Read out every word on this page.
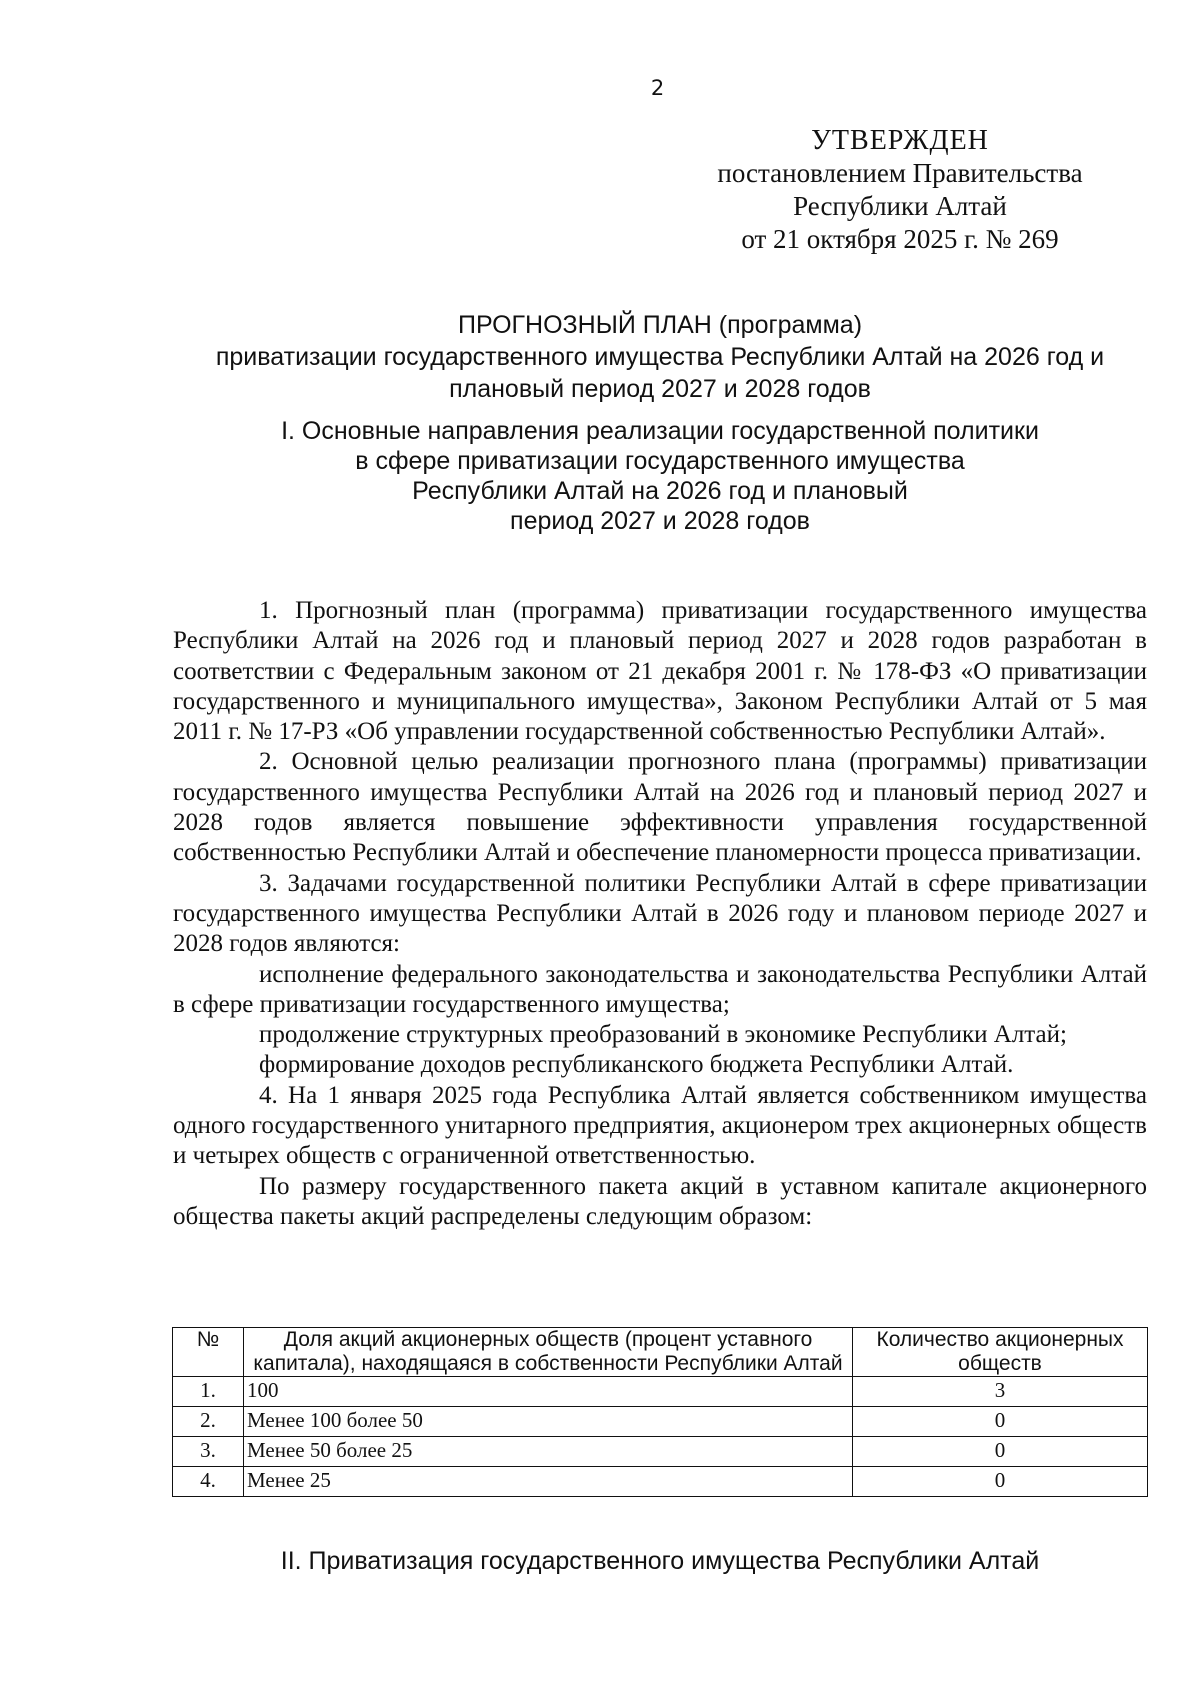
2
УТВЕРЖДЕН
постановлением Правительства
Республики Алтай
от 21 октября 2025 г. № 269
ПРОГНОЗНЫЙ ПЛАН (программа)
приватизации государственного имущества Республики Алтай на 2026 год и
плановый период 2027 и 2028 годов
I. Основные направления реализации государственной политики
в сфере приватизации государственного имущества
Республики Алтай на 2026 год и плановый
период 2027 и 2028 годов

1. Прогнозный план (программа) приватизации государственного имущества Республики Алтай на 2026 год и плановый период 2027 и 2028 годов разработан в соответствии с Федеральным законом от 21 декабря 2001 г. № 178-ФЗ «О приватизации государственного и муниципального имущества», Законом Республики Алтай от 5 мая 2011 г. № 17-РЗ «Об управлении государственной собственностью Республики Алтай».

2. Основной целью реализации прогнозного плана (программы) приватизации государственного имущества Республики Алтай на 2026 год и плановый период 2027 и 2028 годов является повышение эффективности управления государственной собственностью Республики Алтай и обеспечение планомерности процесса приватизации.

3. Задачами государственной политики Республики Алтай в сфере приватизации государственного имущества Республики Алтай в 2026 году и плановом периоде 2027 и 2028 годов являются:

исполнение федерального законодательства и законодательства Республики Алтай в сфере приватизации государственного имущества;

продолжение структурных преобразований в экономике Республики Алтай;

формирование доходов республиканского бюджета Республики Алтай.

4. На 1 января 2025 года Республика Алтай является собственником имущества одного государственного унитарного предприятия, акционером трех акционерных обществ и четырех обществ с ограниченной ответственностью.

По размеру государственного пакета акций в уставном капитале акционерного общества пакеты акций распределены следующим образом:

№	Доля акций акционерных обществ (процент уставного капитала), находящаяся в собственности Республики Алтай	Количество акционерных обществ
1.	100	3
2.	Менее 100 более 50	0
3.	Менее 50 более 25	0
4.	Менее 25	0
II. Приватизация государственного имущества Республики Алтай
